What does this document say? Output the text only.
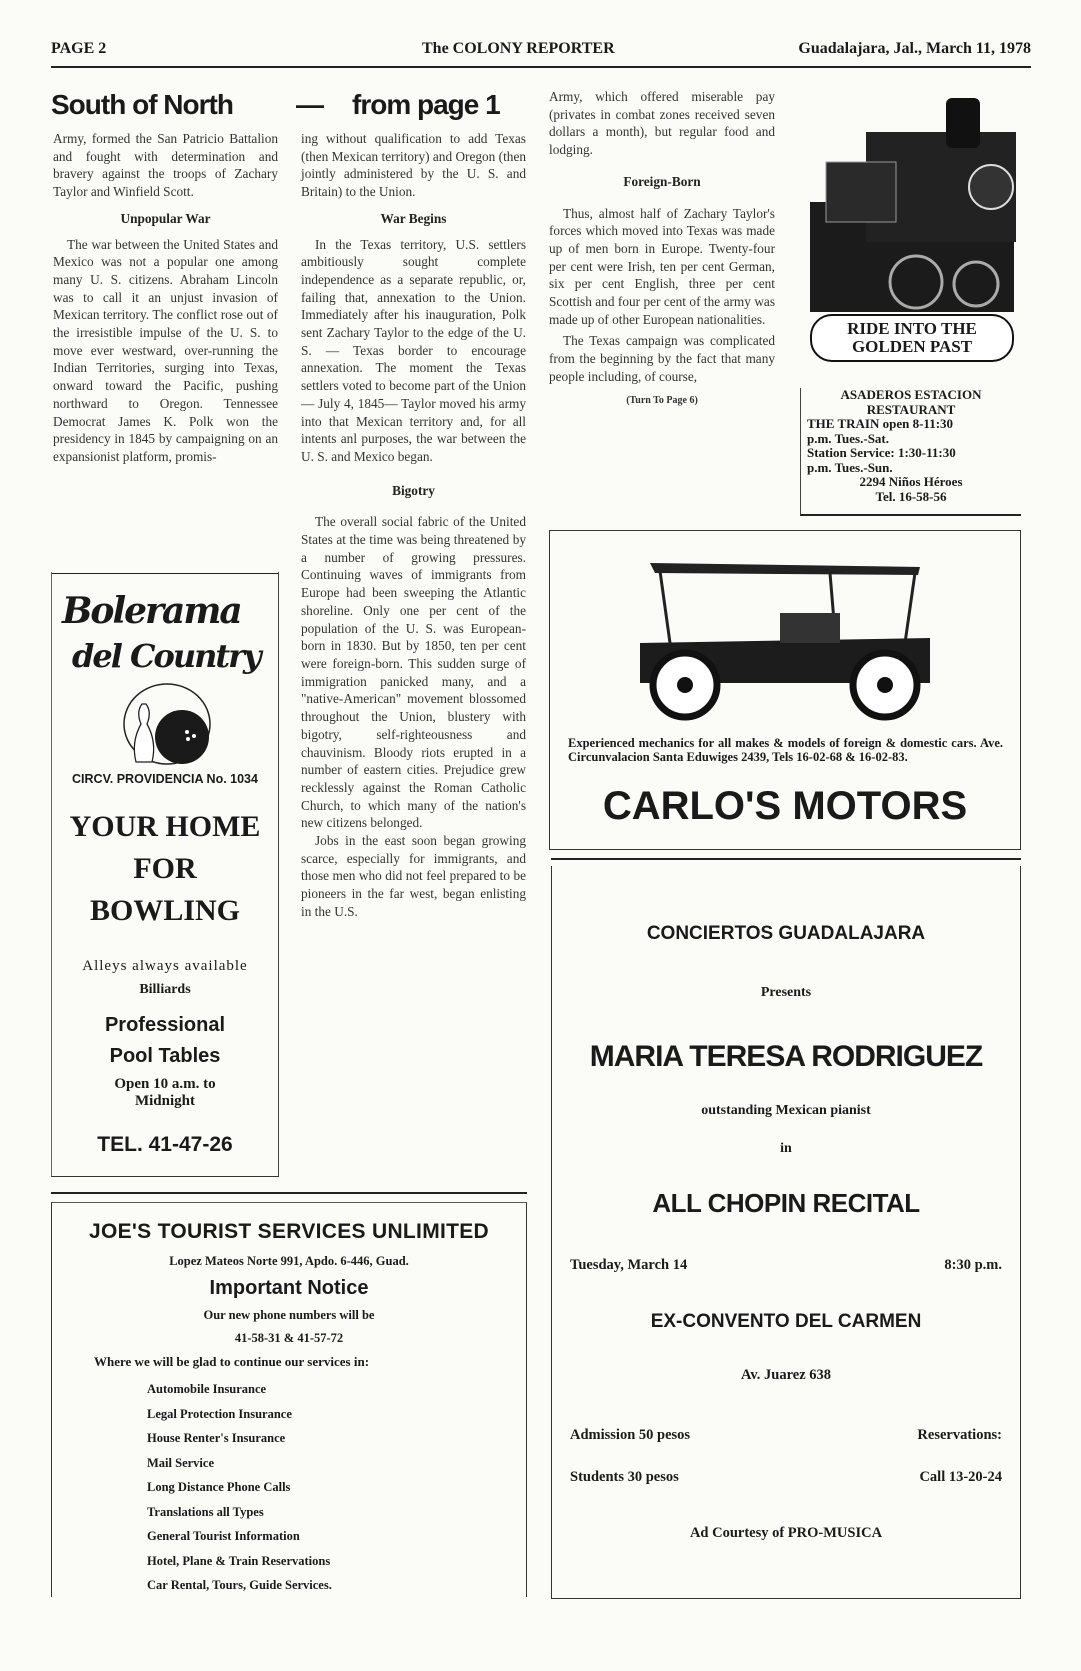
PAGE 2	The COLONY REPORTER	Guadalajara, Jal., March 11, 1978
South of North — from page 1

Army, formed the San Patricio Battalion and fought with determination and bravery against the troops of Zachary Taylor and Winfield Scott.

Unpopular War

The war between the United States and Mexico was not a popular one among many U. S. citizens. Abraham Lincoln was to call it an unjust invasion of Mexican territory. The conflict rose out of the irresistible impulse of the U. S. to move ever westward, over-running the Indian Territories, surging into Texas, onward toward the Pacific, pushing northward to Oregon. Tennessee Democrat James K. Polk won the presidency in 1845 by campaigning on an expansionist platform, promis-

ing without qualification to add Texas (then Mexican territory) and Oregon (then jointly administered by the U. S. and Britain) to the Union.

War Begins

In the Texas territory, U.S. settlers ambitiously sought complete independence as a separate republic, or, failing that, annexation to the Union. Immediately after his inauguration, Polk sent Zachary Taylor to the edge of the U. S. — Texas border to encourage annexation. The moment the Texas settlers voted to become part of the Union — July 4, 1845— Taylor moved his army into that Mexican territory and, for all intents anl purposes, the war between the U. S. and Mexico began.

Bigotry

The overall social fabric of the United States at the time was being threatened by a number of growing pressures. Continuing waves of immigrants from Europe had been sweeping the Atlantic shoreline. Only one per cent of the population of the U. S. was European-born in 1830. But by 1850, ten per cent were foreign-born. This sudden surge of immigration panicked many, and a "native-American" movement blossomed throughout the Union, blustery with bigotry, self-righteousness and chauvinism. Bloody riots erupted in a number of eastern cities. Prejudice grew recklessly against the Roman Catholic Church, to which many of the nation's new citizens belonged.

Jobs in the east soon began growing scarce, especially for immigrants, and those men who did not feel prepared to be pioneers in the far west, began enlisting in the U.S.

Army, which offered miserable pay (privates in combat zones received seven dollars a month), but regular food and lodging.

Foreign-Born

Thus, almost half of Zachary Taylor's forces which moved into Texas was made up of men born in Europe. Twenty-four per cent were Irish, ten per cent German, six per cent English, three per cent Scottish and four per cent of the army was made up of other European nationalities.

The Texas campaign was complicated from the beginning by the fact that many people including, of course,

(Turn To Page 6)
RIDE INTO THE GOLDEN PAST
ASADEROS ESTACION
RESTAURANT
THE TRAIN open 8-11:30
p.m. Tues.-Sat.
Station Service: 1:30-11:30
p.m. Tues.-Sun.
2294 Niños Héroes
Tel. 16-58-56
Experienced mechanics for all makes & models of foreign & domestic cars. Ave. Circunvalacion Santa Eduwiges 2439, Tels 16-02-68 & 16-02-83.
CARLO'S MOTORS
Bolerama
del Country
CIRCV. PROVIDENCIA No. 1034
YOUR HOME
FOR
BOWLING
Alleys always available
Billiards
Professional
Pool Tables
Open 10 a.m. to
Midnight
TEL. 41-47-26
JOE'S TOURIST SERVICES UNLIMITED
Lopez Mateos Norte 991, Apdo. 6-446, Guad.
Important Notice
Our new phone numbers will be
41-58-31 & 41-57-72
Where we will be glad to continue our services in:
Automobile Insurance
Legal Protection Insurance
House Renter's Insurance
Mail Service
Long Distance Phone Calls
Translations all Types
General Tourist Information
Hotel, Plane & Train Reservations
Car Rental, Tours, Guide Services.
CONCIERTOS GUADALAJARA
Presents
MARIA TERESA RODRIGUEZ
outstanding Mexican pianist
in
ALL CHOPIN RECITAL
Tuesday, March 14	8:30 p.m.
EX-CONVENTO DEL CARMEN
Av. Juarez 638
Admission 50 pesos	Reservations:
Students 30 pesos	Call 13-20-24
Ad Courtesy of PRO-MUSICA
